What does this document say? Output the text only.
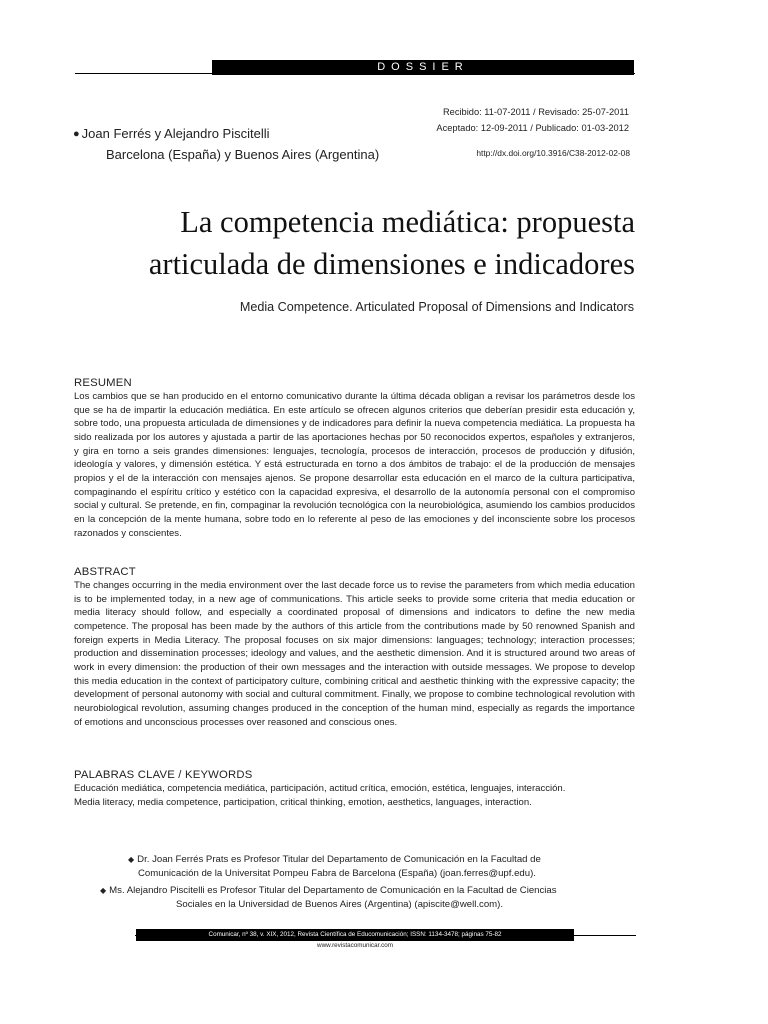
DOSSIER
Recibido: 11-07-2011 / Revisado: 25-07-2011
Aceptado: 12-09-2011 / Publicado: 01-03-2012
http://dx.doi.org/10.3916/C38-2012-02-08
● Joan Ferrés y Alejandro Piscitelli
Barcelona (España) y Buenos Aires (Argentina)
La competencia mediática: propuesta
articulada de dimensiones e indicadores
Media Competence. Articulated Proposal of Dimensions and Indicators
RESUMEN

Los cambios que se han producido en el entorno comunicativo durante la última década obligan a revisar los parámetros desde los que se ha de impartir la educación mediática. En este artículo se ofrecen algunos criterios que deberían presidir esta educación y, sobre todo, una propuesta articulada de dimensiones y de indicadores para definir la nueva competencia mediática. La propuesta ha sido realizada por los autores y ajustada a partir de las aportaciones hechas por 50 reconocidos expertos, españoles y extranjeros, y gira en torno a seis grandes dimensiones: lenguajes, tecnología, procesos de interacción, procesos de producción y difusión, ideología y valores, y dimensión estética. Y está estructurada en torno a dos ámbitos de trabajo: el de la producción de mensajes propios y el de la interacción con mensajes ajenos. Se propone desarrollar esta educación en el marco de la cultura participativa, compaginando el espíritu crítico y estético con la capacidad expresiva, el desarrollo de la autonomía personal con el compromiso social y cultural. Se pretende, en fin, compaginar la revolución tecnológica con la neurobiológica, asumiendo los cambios producidos en la concepción de la mente humana, sobre todo en lo referente al peso de las emociones y del inconsciente sobre los procesos razonados y conscientes.

ABSTRACT

The changes occurring in the media environment over the last decade force us to revise the parameters from which media education is to be implemented today, in a new age of communications. This article seeks to provide some criteria that media education or media literacy should follow, and especially a coordinated proposal of dimensions and indicators to define the new media competence. The proposal has been made by the authors of this article from the contributions made by 50 renowned Spanish and foreign experts in Media Literacy. The proposal focuses on six major dimensions: languages; technology; interaction processes; production and dissemination processes; ideology and values, and the aesthetic dimension. And it is structured around two areas of work in every dimension: the production of their own messages and the interaction with outside messages. We propose to develop this media education in the context of participatory culture, combining critical and aesthetic thinking with the expressive capacity; the development of personal autonomy with social and cultural commitment. Finally, we propose to combine technological revolution with neurobiological revolution, assuming changes produced in the conception of the human mind, especially as regards the importance of emotions and unconscious processes over reasoned and conscious ones.

PALABRAS CLAVE / KEYWORDS

Educación mediática, competencia mediática, participación, actitud crítica, emoción, estética, lenguajes, interacción.

Media literacy, media competence, participation, critical thinking, emotion, aesthetics, languages, interaction.

◆ Dr. Joan Ferrés Prats es Profesor Titular del Departamento de Comunicación en la Facultad de
Comunicación de la Universitat Pompeu Fabra de Barcelona (España) (joan.ferres@upf.edu).
◆ Ms. Alejandro Piscitelli es Profesor Titular del Departamento de Comunicación en la Facultad de Ciencias
Sociales en la Universidad de Buenos Aires (Argentina) (apiscite@well.com).
Comunicar, nº 38, v. XIX, 2012, Revista Científica de Educomunicación; ISSN: 1134-3478; páginas 75-82
www.revistacomunicar.com
